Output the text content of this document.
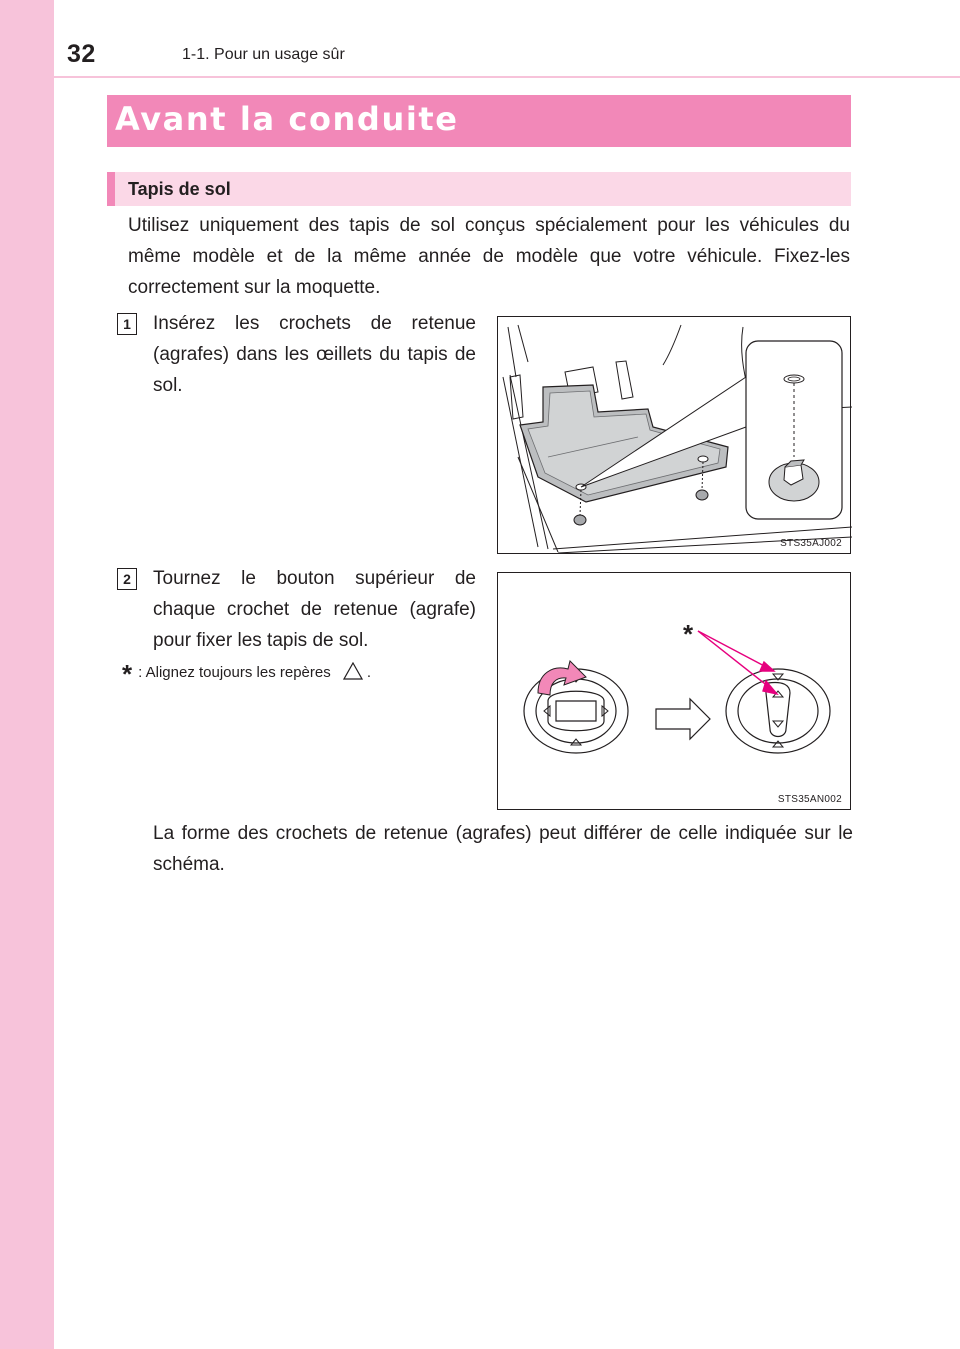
32	1-1. Pour un usage sûr
Avant la conduite
Tapis de sol
Utilisez uniquement des tapis de sol conçus spécialement pour les véhicules du même modèle et de la même année de modèle que votre véhicule. Fixez-les correctement sur la moquette.
1	Insérez les crochets de retenue (agrafes) dans les œillets du tapis de sol.
2	Tournez le bouton supérieur de chaque crochet de retenue (agrafe) pour fixer les tapis de sol.
* : Alignez toujours les repères .
STS35AJ002
*
STS35AN002
La forme des crochets de retenue (agrafes) peut différer de celle indiquée sur le schéma.
